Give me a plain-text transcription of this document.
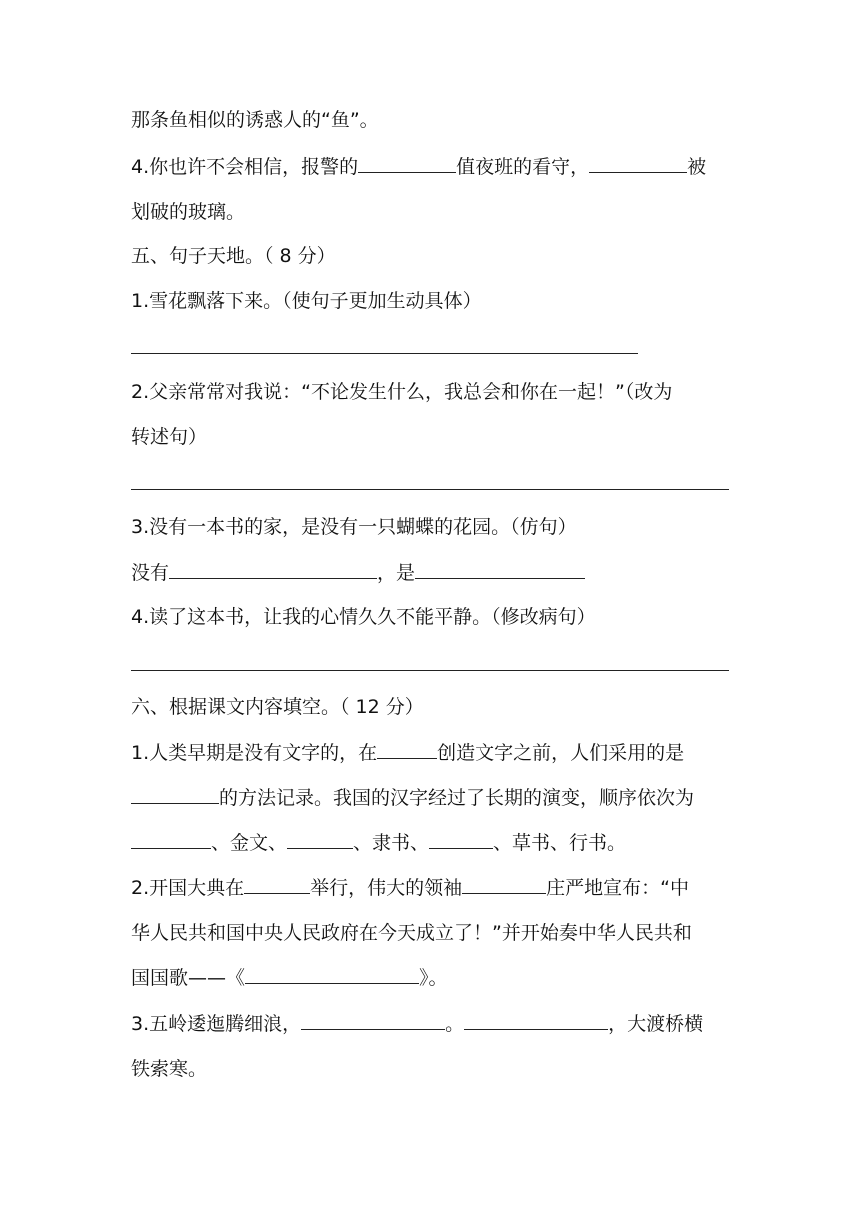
那条鱼相似的诱惑人的“鱼”。
4.你也许不会相信，报警的	值夜班的看守，	被
划破的玻璃。
五、句子天地。（ 8 分）
1.雪花飘落下来。（使句子更加生动具体）
2.父亲常常对我说：“不论发生什么，我总会和你在一起！”（改为
转述句）
3.没有一本书的家，是没有一只蝴蝶的花园。（仿句）
没有	，是
4.读了这本书，让我的心情久久不能平静。（修改病句）
六、根据课文内容填空。（ 12 分）
1.人类早期是没有文字的，在	创造文字之前，人们采用的是
的方法记录。我国的汉字经过了长期的演变，顺序依次为
、金文、	、隶书、	、草书、行书。
2.开国大典在	举行，伟大的领袖	庄严地宣布：“中
华人民共和国中央人民政府在今天成立了！”并开始奏中华人民共和
国国歌——《	》。
3.五岭逶迤腾细浪，	。	，大渡桥横
铁索寒。
